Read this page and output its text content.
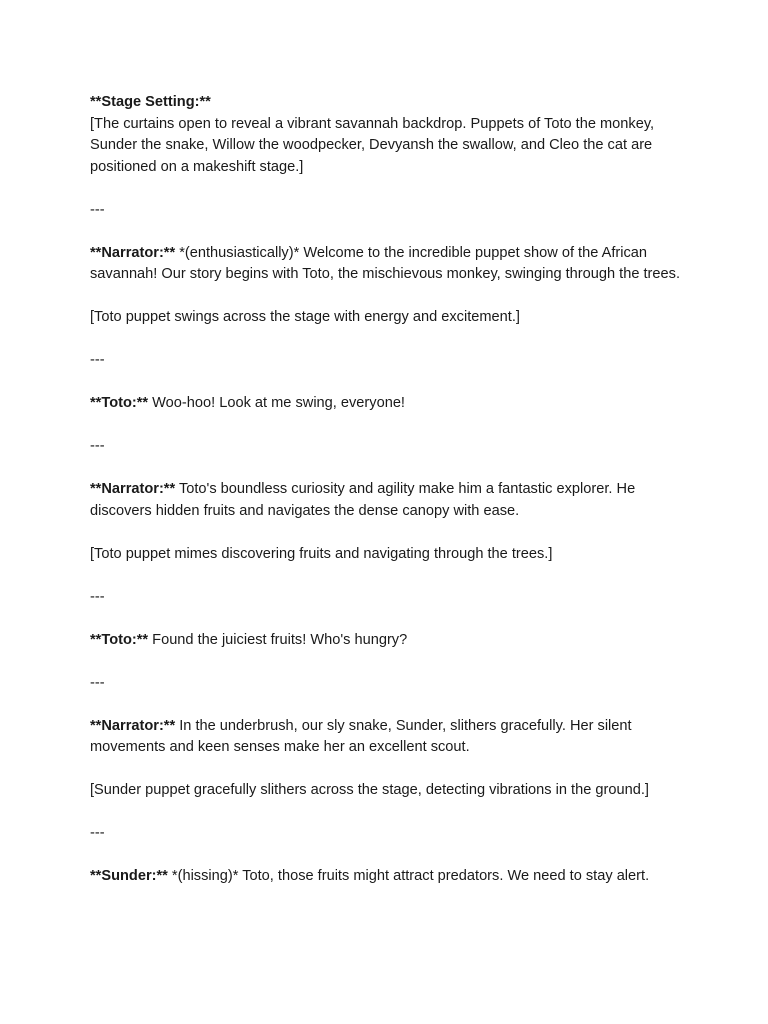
**Stage Setting:**

[The curtains open to reveal a vibrant savannah backdrop. Puppets of Toto the monkey, Sunder the snake, Willow the woodpecker, Devyansh the swallow, and Cleo the cat are positioned on a makeshift stage.]

---

**Narrator:** *(enthusiastically)* Welcome to the incredible puppet show of the African savannah! Our story begins with Toto, the mischievous monkey, swinging through the trees.

[Toto puppet swings across the stage with energy and excitement.]

---

**Toto:** Woo-hoo! Look at me swing, everyone!

---

**Narrator:** Toto's boundless curiosity and agility make him a fantastic explorer. He discovers hidden fruits and navigates the dense canopy with ease.

[Toto puppet mimes discovering fruits and navigating through the trees.]

---

**Toto:** Found the juiciest fruits! Who's hungry?

---

**Narrator:** In the underbrush, our sly snake, Sunder, slithers gracefully. Her silent movements and keen senses make her an excellent scout.

[Sunder puppet gracefully slithers across the stage, detecting vibrations in the ground.]

---

**Sunder:** *(hissing)* Toto, those fruits might attract predators. We need to stay alert.
